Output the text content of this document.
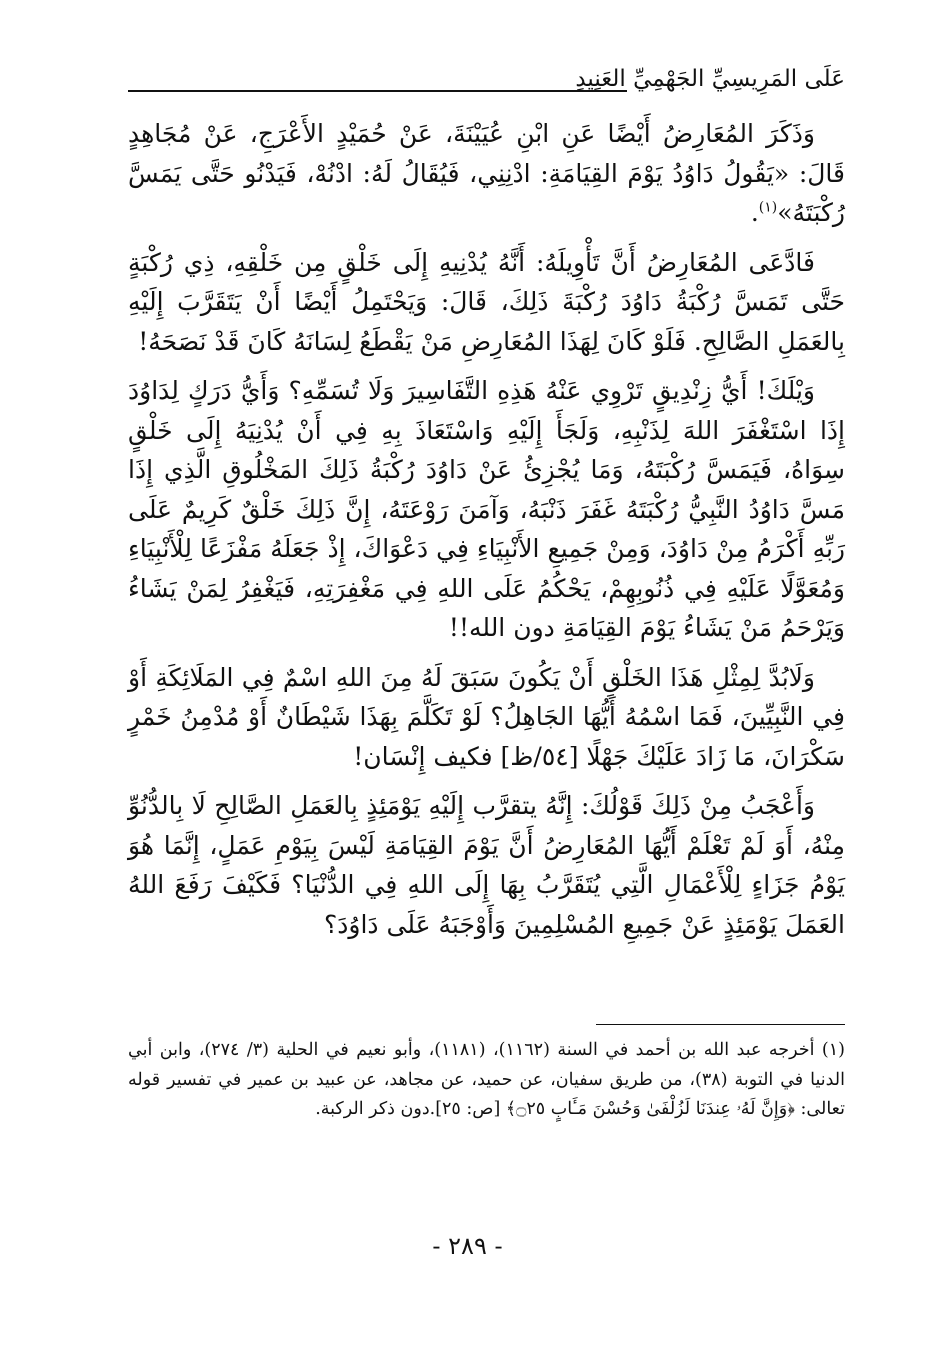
عَلَى المَرِيسِيِّ الجَهْمِيِّ العَنِيدِ

وَذَكَرَ المُعَارِضُ أَيْضًا عَنِ ابْنِ عُيَيْنَةَ، عَنْ حُمَيْدٍ الأَعْرَجِ، عَنْ مُجَاهِدٍ قَالَ: «يَقُولُ دَاوُدُ يَوْمَ القِيَامَةِ: ادْنِنِي، فَيُقَالُ لَهُ: ادْنُهْ، فَيَدْنُو حَتَّى يَمَسَّ رُكْبَتَهُ»$^{(١)}$.

فَادَّعَى المُعَارِضُ أَنَّ تَأْوِيلَهُ: أَنَّهُ يُدْنِيهِ إِلَى خَلْقٍ مِن خَلْقِهِ، ذِي رُكْبَةٍ حَتَّى تَمَسَّ رُكْبَةُ دَاوُدَ رُكْبَةَ ذَلِكَ، قَالَ: وَيَحْتَمِلُ أَيْضًا أَنْ يَتَقَرَّبَ إِلَيْهِ بِالعَمَلِ الصَّالِحِ. فَلَوْ كَانَ لِهَذَا المُعَارِضِ مَنْ يَقْطَعُ لِسَانَهُ كَانَ قَدْ نَصَحَهُ!

وَيْلَكَ! أَيُّ زِنْدِيقٍ تَرْوِي عَنْهُ هَذِهِ التَّفَاسِيرَ وَلَا تُسَمِّهِ؟ وَأَيُّ دَرَكٍ لِدَاوُدَ إِذَا اسْتَغْفَرَ اللهَ لِذَنْبِهِ، وَلَجَأَ إِلَيْهِ وَاسْتَعَاذَ بِهِ فِي أَنْ يُدْنِيَهُ إِلَى خَلْقٍ سِوَاهُ، فَيَمَسَّ رُكْبَتَهُ، وَمَا يُجْزِئُ عَنْ دَاوُدَ رُكْبَةُ ذَلِكَ المَخْلُوقِ الَّذِي إِذَا مَسَّ دَاوُدُ النَّبِيُّ رُكْبَتَهُ غَفَرَ ذَنْبَهُ، وَآمَنَ رَوْعَتَهُ، إِنَّ ذَلِكَ خَلْقٌ كَرِيمٌ عَلَى رَبِّهِ أَكْرَمُ مِنْ دَاوُدَ، وَمِنْ جَمِيعِ الأَنْبِيَاءِ فِي دَعْوَاكَ، إِذْ جَعَلَهُ مَفْزَعًا لِلْأَنْبِيَاءِ وَمُعَوَّلًا عَلَيْهِ فِي ذُنُوبِهِمْ، يَحْكُمُ عَلَى اللهِ فِي مَغْفِرَتِهِ، فَيَغْفِرُ لِمَنْ يَشَاءُ وَيَرْحَمُ مَنْ يَشَاءُ يَوْمَ القِيَامَةِ دون الله!!

وَلَابُدَّ لِمِثْلِ هَذَا الخَلْقِ أَنْ يَكُونَ سَبَقَ لَهُ مِنَ اللهِ اسْمٌ فِي المَلَائِكَةِ أَوْ فِي النَّبِيِّينَ، فَمَا اسْمُهُ أَيُّهَا الجَاهِلُ؟ لَوْ تَكَلَّمَ بِهَذَا شَيْطَانٌ أَوْ مُدْمِنُ خَمْرٍ سَكْرَانَ، مَا زَادَ عَلَيْكَ جَهْلًا [٥٤/ظ] فكيف إِنْسَان!

وَأَعْجَبُ مِنْ ذَلِكَ قَوْلُكَ: إِنَّهُ يتقرَّب إِلَيْهِ يَوْمَئِذٍ بِالعَمَلِ الصَّالِحِ لَا بِالدُّنُوِّ مِنْهُ، أَوَ لَمْ تَعْلَمْ أَيُّهَا المُعَارِضُ أَنَّ يَوْمَ القِيَامَةِ لَيْسَ بِيَوْمِ عَمَلٍ، إِنَّمَا هُوَ يَوْمُ جَزَاءٍ لِلْأَعْمَالِ الَّتِي يُتَقَرَّبُ بِهَا إِلَى اللهِ فِي الدُّنْيَا؟ فَكَيْفَ رَفَعَ اللهُ العَمَلَ يَوْمَئِذٍ عَنْ جَمِيعِ المُسْلِمِينَ وَأَوْجَبَهُ عَلَى دَاوُدَ؟

(١) أخرجه عبد الله بن أحمد في السنة (١١٦٢)، (١١٨١)، وأبو نعيم في الحلية (٣/ ٢٧٤)، وابن أبي الدنيا في التوبة (٣٨)، من طريق سفيان، عن حميد، عن مجاهد، عن عبيد بن عمير في تفسير قوله تعالى: ﴿وَإِنَّ لَهُۥ عِندَنَا لَزُلْفَىٰ وَحُسْنَ مَـَٔابٍ ۝٢٥﴾ [ص: ٢٥].دون ذكر الركبة.

- ٢٨٩ -
